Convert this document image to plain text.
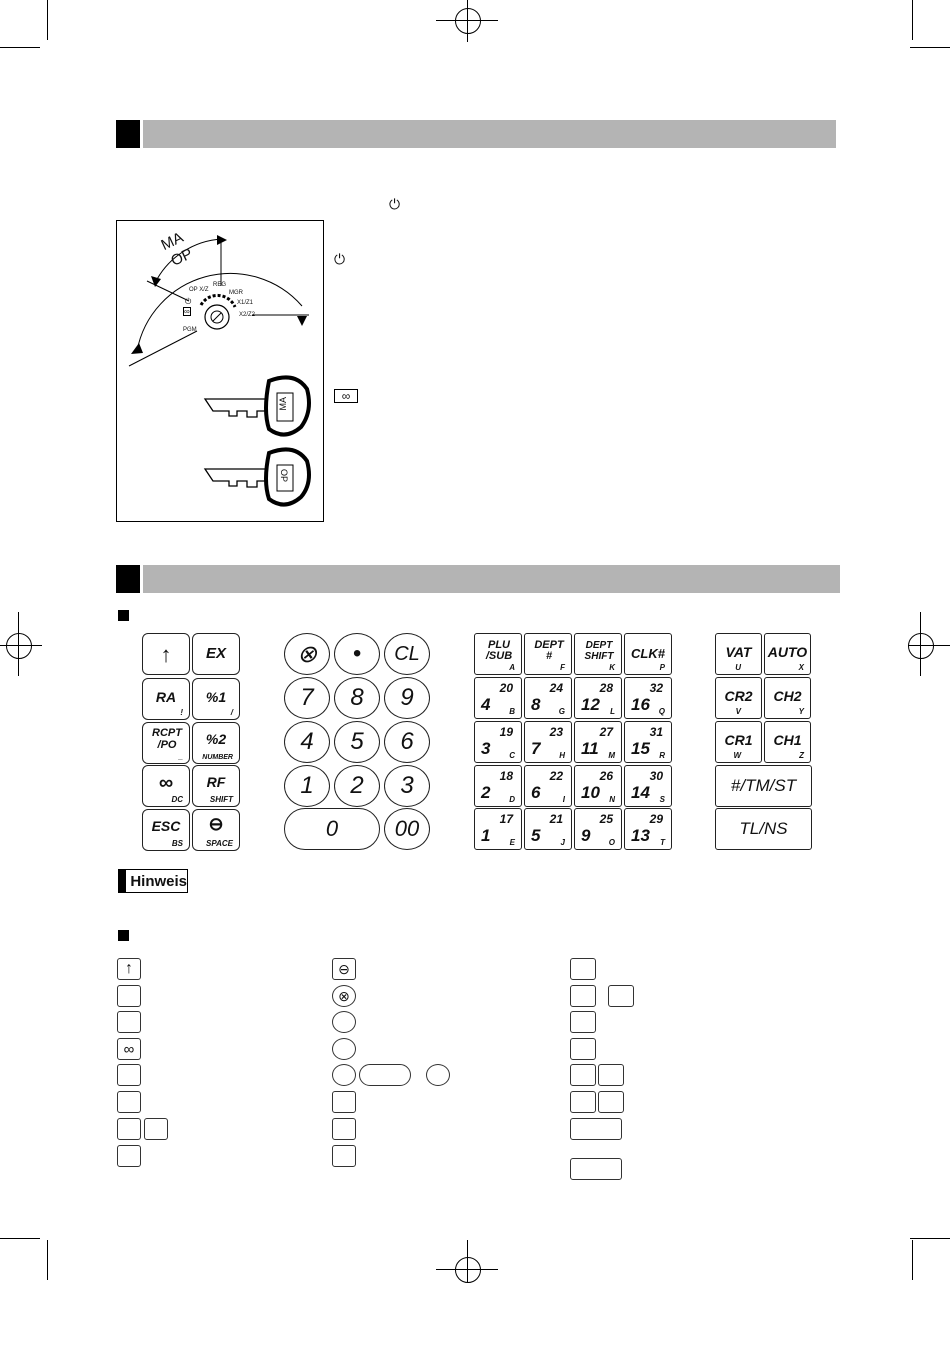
⏻
MA
OP
OP X/Z
REG
MGR
X1/Z1
X2/Z2
PGM
⏻
∞
MA
OP
⏻
∞
↑	EX
RA
!
%1
/
RCPT /PO
_
%2
NUMBER
∞
DC
RF
SHIFT
ESC
BS
⊖
SPACE
⊗	•	CL
7	8	9
4	5	6
1	2	3
0	00
PLU /SUB
A
DEPT #
F
DEPT SHIFT
K
CLK#
P
20
4 B
24
8 G
28
12 L
32
16 Q
19
3 C
23
7 H
27
11 M
31
15 R
18
2 D
22
6	I
26
10 N
30
14 S
17
1 E
21
5	J
25
9 O
29
13 T
VAT
U
AUTO
X
CR2
V
CH2
Y
CR1
W
CH1
Z
#/TM/ST
TL/NS
Hinweis
↑
∞
⊖
⊗
